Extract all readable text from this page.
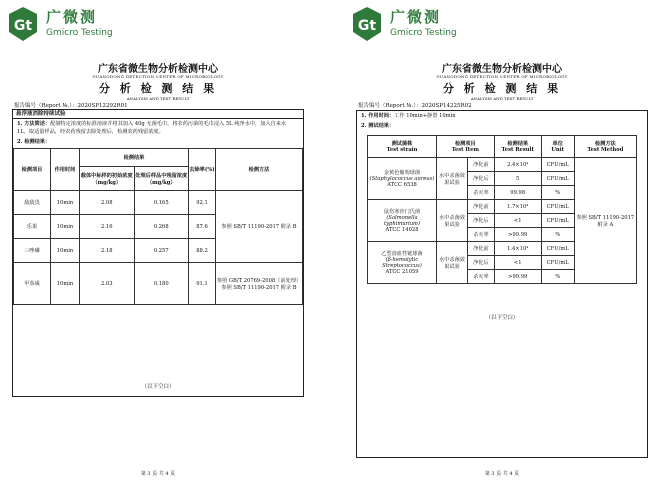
Gt 广微测
Gmicro Testing
广东省微生物分析检测中心
GUANGDONG DETECTION CENTER OF MICROBIOLOGY
分 析 检 测 结 果
ANALYSIS AND TEST RESULT
报告编号（Report №.）：2020SP12292R01
悬浮液消除持续试验
1. 方法简述：配制特定浓度的标准溶液并将其加入 40g 无菌毛巾，将农药污染的毛巾浸入 5L 纯净水中，加入自来水 1L，取适量样品，经农药残留去除处理后，检测农药残留浓度。
2. 检测结果：
检测项目	作用时间	检测结果		去除率(%)	检测方法
		载体中标样的初始浓度（mg/kg）	处理后样品中残留浓度（mg/kg）		
敌敌畏	10min	2.08	0.165	92.1	参照 SB/T 11190-2017 附录 B
乐果	10min	2.16	0.268	87.6	
三唑磷	10min	2.18	0.257	88.2	
甲萘威	10min	2.03	0.180	91.1	参照 GB/T 20769-2008（前处理）参照 SB/T 11190-2017 附录 B
（以下空白）
第 3 页 共 4 页
Gt 广微测
Gmicro Testing
广东省微生物分析检测中心
GUANGDONG DETECTION CENTER OF MICROBIOLOGY
分 析 检 测 结 果
ANALYSIS AND TEST RESULT
报告编号（Report №.）：2020SP14225R02
1. 作用时间：工作 10min+静置 10min
2. 测试结果：
测试菌株
Test strain	检测项目
Test Item		检测结果
Test Result	单位
Unit	检测方法
Test Method
金黄色葡萄球菌
(Staphylococcus aureus)
ATCC 6538	水中杀菌效果试验	净化前	2.4×10⁴	CFU/mL	参照 SB/T 11190-2017 附录 A
		净化后	5	CFU/mL	
		杀灭率	99.98	%	
鼠伤寒沙门氏菌
(Salmonella typhimurium)
ATCC 14028	水中杀菌效果试验	净化前	1.7×10⁴	CFU/mL	
		净化后	<1	CFU/mL	
		杀灭率	>99.99	%	
乙型溶血性链球菌
(β-hemolytic Streptococcus)
ATCC 21059	水中杀菌效果试验	净化前	1.4×10⁴	CFU/mL	
		净化后	<1	CFU/mL	
		杀灭率	>99.99	%	
（以下空白）
第 3 页 共 4 页
